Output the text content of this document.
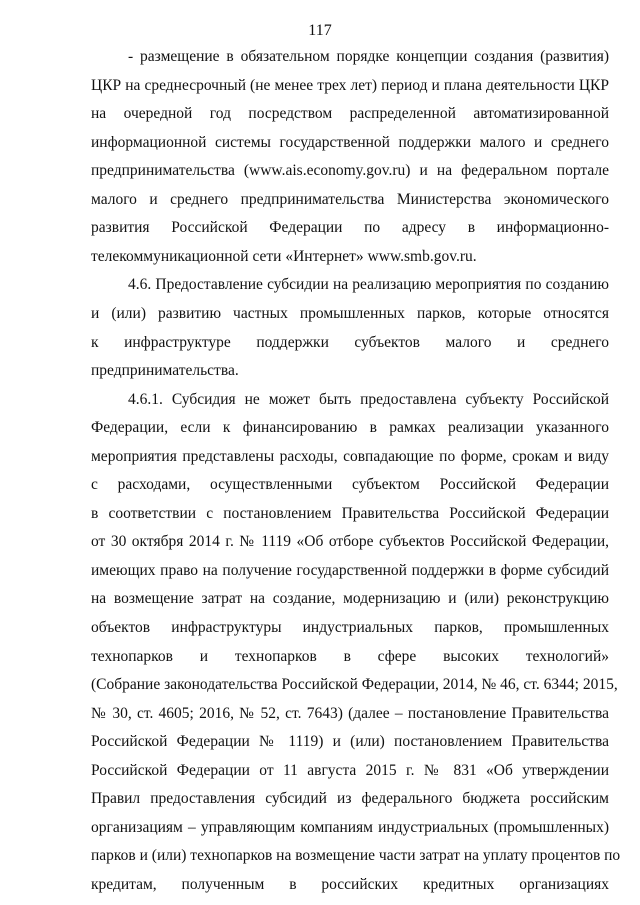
117
- размещение в обязательном порядке концепции создания (развития)
ЦКР на среднесрочный (не менее трех лет) период и плана деятельности ЦКР
на очередной год посредством распределенной автоматизированной
информационной системы государственной поддержки малого и среднего
предпринимательства (www.ais.economy.gov.ru) и на федеральном портале
малого и среднего предпринимательства Министерства экономического
развития Российской Федерации по адресу в информационно-
телекоммуникационной сети «Интернет» www.smb.gov.ru.
4.6. Предоставление субсидии на реализацию мероприятия по созданию
и (или) развитию частных промышленных парков, которые относятся
к инфраструктуре поддержки субъектов малого и среднего
предпринимательства.
4.6.1. Субсидия не может быть предоставлена субъекту Российской
Федерации, если к финансированию в рамках реализации указанного
мероприятия представлены расходы, совпадающие по форме, срокам и виду
с расходами, осуществленными субъектом Российской Федерации
в соответствии с постановлением Правительства Российской Федерации
от 30 октября 2014 г. № 1119 «Об отборе субъектов Российской Федерации,
имеющих право на получение государственной поддержки в форме субсидий
на возмещение затрат на создание, модернизацию и (или) реконструкцию
объектов инфраструктуры индустриальных парков, промышленных
технопарков и технопарков в сфере высоких технологий»
(Собрание законодательства Российской Федерации, 2014, № 46, ст. 6344; 2015,
№ 30, ст. 4605; 2016, № 52, ст. 7643) (далее – постановление Правительства
Российской Федерации № 1119) и (или) постановлением Правительства
Российской Федерации от 11 августа 2015 г. № 831 «Об утверждении
Правил предоставления субсидий из федерального бюджета российским
организациям – управляющим компаниям индустриальных (промышленных)
парков и (или) технопарков на возмещение части затрат на уплату процентов по
кредитам, полученным в российских кредитных организациях
